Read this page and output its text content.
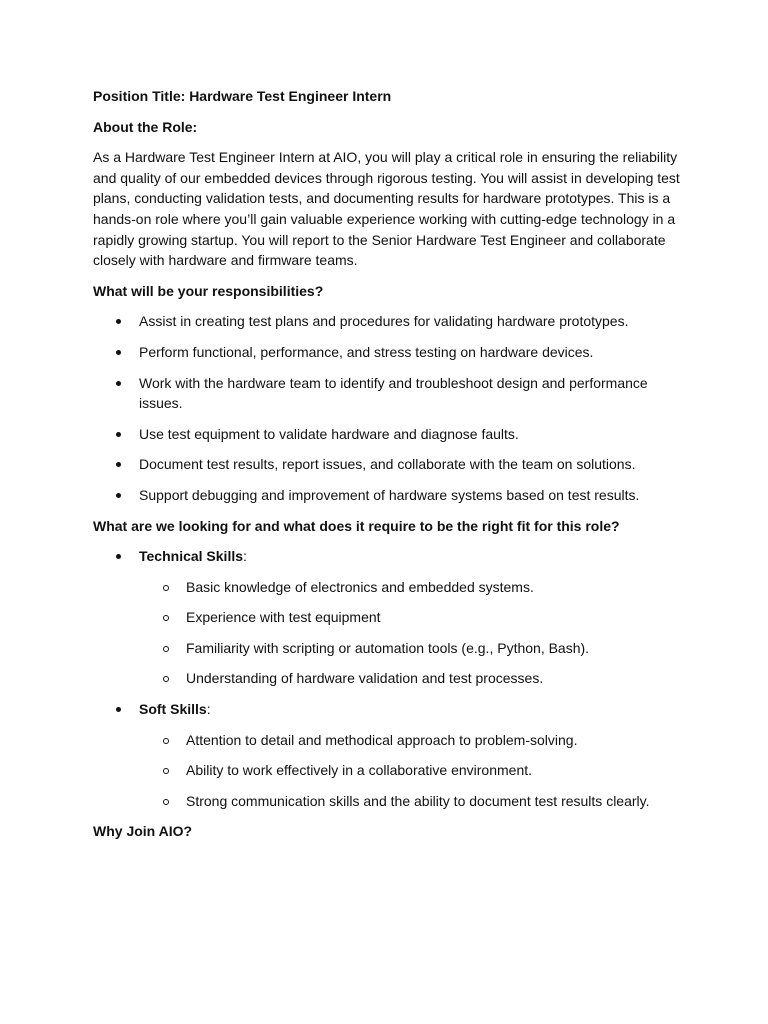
Position Title: Hardware Test Engineer Intern

About the Role:

As a Hardware Test Engineer Intern at AIO, you will play a critical role in ensuring the reliability and quality of our embedded devices through rigorous testing. You will assist in developing test plans, conducting validation tests, and documenting results for hardware prototypes. This is a hands-on role where you’ll gain valuable experience working with cutting-edge technology in a rapidly growing startup. You will report to the Senior Hardware Test Engineer and collaborate closely with hardware and firmware teams.

What will be your responsibilities?

Assist in creating test plans and procedures for validating hardware prototypes.
Perform functional, performance, and stress testing on hardware devices.
Work with the hardware team to identify and troubleshoot design and performance issues.
Use test equipment to validate hardware and diagnose faults.
Document test results, report issues, and collaborate with the team on solutions.
Support debugging and improvement of hardware systems based on test results.

What are we looking for and what does it require to be the right fit for this role?

Technical Skills:
Basic knowledge of electronics and embedded systems.
Experience with test equipment
Familiarity with scripting or automation tools (e.g., Python, Bash).
Understanding of hardware validation and test processes.
Soft Skills:
Attention to detail and methodical approach to problem-solving.
Ability to work effectively in a collaborative environment.
Strong communication skills and the ability to document test results clearly.

Why Join AIO?
